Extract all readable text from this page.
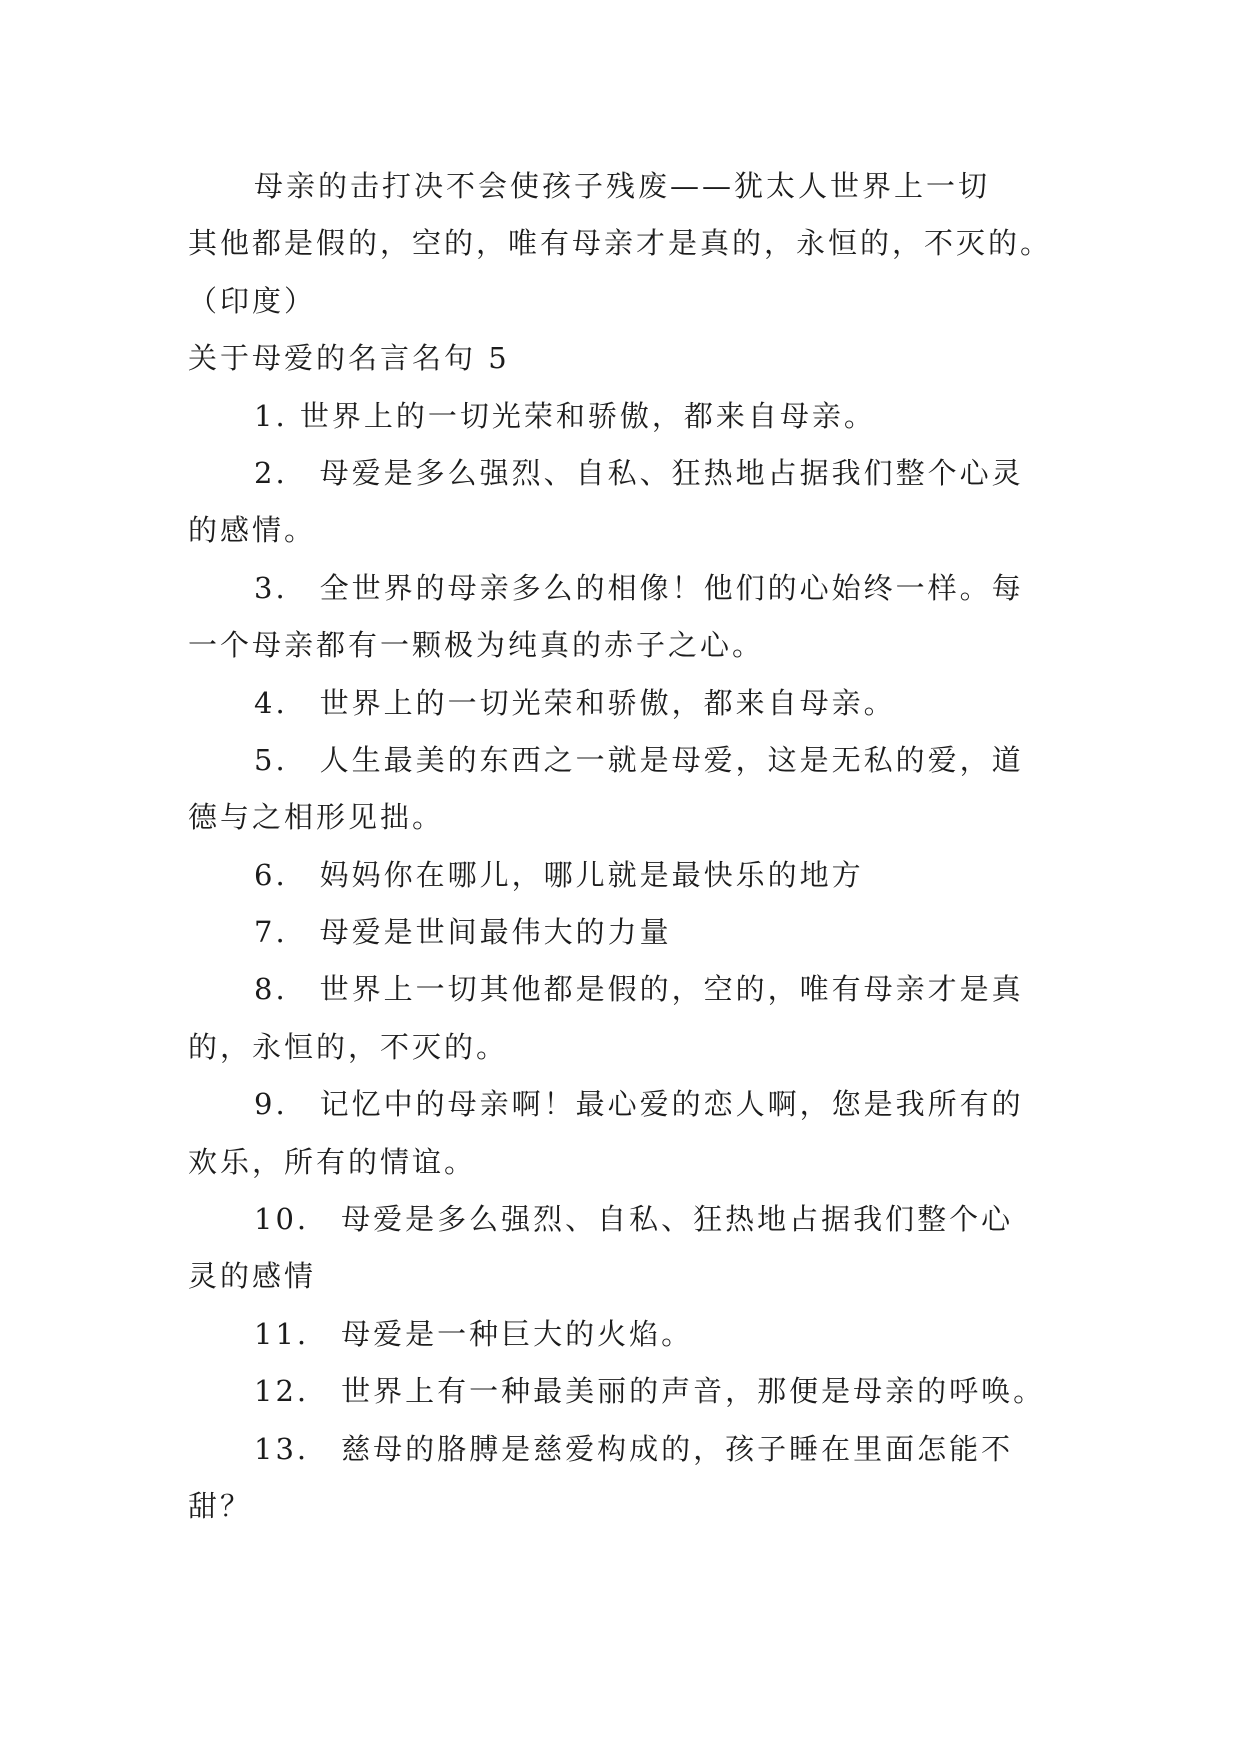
母亲的击打决不会使孩子残废——犹太人世界上一切
其他都是假的，空的，唯有母亲才是真的，永恒的，不灭的。
（印度）
关于母爱的名言名句 5
1. 世界上的一切光荣和骄傲，都来自母亲。
2.　母爱是多么强烈、自私、狂热地占据我们整个心灵
的感情。
3.　全世界的母亲多么的相像！他们的心始终一样。每
一个母亲都有一颗极为纯真的赤子之心。
4.　世界上的一切光荣和骄傲，都来自母亲。
5.　人生最美的东西之一就是母爱，这是无私的爱，道
德与之相形见拙。
6.　妈妈你在哪儿，哪儿就是最快乐的地方
7.　母爱是世间最伟大的力量
8.　世界上一切其他都是假的，空的，唯有母亲才是真
的，永恒的，不灭的。
9.　记忆中的母亲啊！最心爱的恋人啊，您是我所有的
欢乐，所有的情谊。
10.　母爱是多么强烈、自私、狂热地占据我们整个心
灵的感情
11.　母爱是一种巨大的火焰。
12.　世界上有一种最美丽的声音，那便是母亲的呼唤。
13.　慈母的胳膊是慈爱构成的，孩子睡在里面怎能不
甜？
